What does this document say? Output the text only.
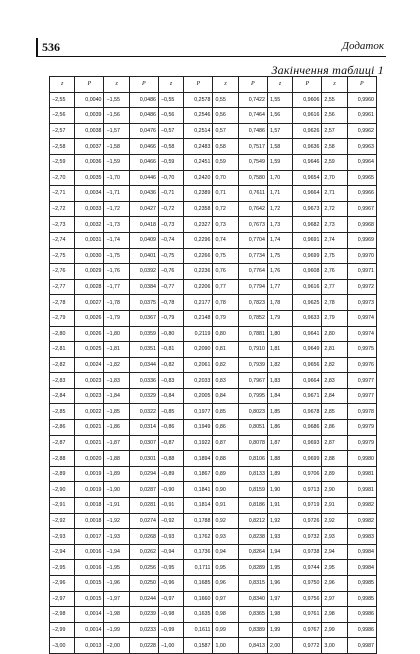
536	Додаток
Закінчення таблиці 1
z	P	z	P	z	P	z	P	z	P	z	P
−2,55	0,0040	−1,55	0,0486	−0,55	0,2578	0,55	0,7422	1,55	0,9606	2,55	0,9960
−2,56	0,0039	−1,56	0,0486	−0,56	0,2546	0,56	0,7464	1,56	0,9616	2,56	0,9961
−2,57	0,0038	−1,57	0,0476	−0,57	0,2514	0,57	0,7486	1,57	0,9626	2,57	0,9962
−2,58	0,0037	−1,58	0,0466	−0,58	0,2483	0,58	0,7517	1,58	0,9636	2,58	0,9963
−2,59	0,0036	−1,59	0,0466	−0,59	0,2451	0,59	0,7549	1,59	0,9646	2,59	0,9964
−2,70	0,0035	−1,70	0,0446	−0,70	0,2420	0,70	0,7580	1,70	0,9654	2,70	0,9965
−2,71	0,0034	−1,71	0,0436	−0,71	0,2389	0,71	0,7611	1,71	0,9664	2,71	0,9966
−2,72	0,0033	−1,72	0,0427	−0,72	0,2358	0,72	0,7642	1,72	0,9673	2,72	0,9967
−2,73	0,0032	−1,73	0,0418	−0,73	0,2327	0,73	0,7673	1,73	0,9682	2,73	0,9968
−2,74	0,0031	−1,74	0,0409	−0,74	0,2296	0,74	0,7704	1,74	0,9691	2,74	0,9969
−2,75	0,0030	−1,75	0,0401	−0,75	0,2266	0,75	0,7734	1,75	0,9699	2,75	0,9970
−2,76	0,0029	−1,76	0,0392	−0,76	0,2236	0,76	0,7764	1,76	0,9608	2,76	0,9971
−2,77	0,0028	−1,77	0,0384	−0,77	0,2206	0,77	0,7794	1,77	0,9616	2,77	0,9972
−2,78	0,0027	−1,78	0,0375	−0,78	0,2177	0,78	0,7823	1,78	0,9625	2,78	0,9973
−2,79	0,0026	−1,79	0,0367	−0,79	0,2148	0,79	0,7852	1,79	0,9633	2,79	0,9974
−2,80	0,0026	−1,80	0,0359	−0,80	0,2119	0,80	0,7881	1,80	0,9641	2,80	0,9974
−2,81	0,0025	−1,81	0,0351	−0,81	0,2090	0,81	0,7910	1,81	0,9649	2,81	0,9975
−2,82	0,0024	−1,82	0,0344	−0,82	0,2061	0,82	0,7939	1,82	0,9656	2,82	0,9976
−2,83	0,0023	−1,83	0,0336	−0,83	0,2033	0,83	0,7967	1,83	0,9664	2,83	0,9977
−2,84	0,0023	−1,84	0,0329	−0,84	0,2005	0,84	0,7995	1,84	0,9671	2,84	0,9977
−2,85	0,0022	−1,85	0,0322	−0,85	0,1977	0,85	0,8023	1,85	0,9678	2,85	0,9978
−2,86	0,0021	−1,86	0,0314	−0,86	0,1949	0,86	0,8051	1,86	0,9686	2,86	0,9979
−2,87	0,0021	−1,87	0,0307	−0,87	0,1922	0,87	0,8078	1,87	0,9693	2,87	0,9979
−2,88	0,0020	−1,88	0,0301	−0,88	0,1894	0,88	0,8106	1,88	0,9699	2,88	0,9980
−2,89	0,0019	−1,89	0,0294	−0,89	0,1867	0,89	0,8133	1,89	0,9706	2,89	0,9981
−2,90	0,0019	−1,90	0,0287	−0,90	0,1841	0,90	0,8159	1,90	0,9713	2,90	0,9981
−2,91	0,0018	−1,91	0,0281	−0,91	0,1814	0,91	0,8186	1,91	0,9719	2,91	0,9982
−2,92	0,0018	−1,92	0,0274	−0,92	0,1788	0,92	0,8212	1,92	0,9726	2,92	0,9982
−2,93	0,0017	−1,93	0,0268	−0,93	0,1762	0,93	0,8238	1,93	0,9732	2,93	0,9983
−2,94	0,0016	−1,94	0,0262	−0,94	0,1736	0,94	0,8264	1,94	0,9738	2,94	0,9984
−2,95	0,0016	−1,95	0,0256	−0,95	0,1711	0,95	0,8289	1,95	0,9744	2,95	0,9984
−2,96	0,0015	−1,96	0,0250	−0,96	0,1685	0,96	0,8315	1,96	0,9750	2,96	0,9985
−2,97	0,0015	−1,97	0,0244	−0,97	0,1660	0,97	0,8340	1,97	0,9756	2,97	0,9985
−2,98	0,0014	−1,98	0,0239	−0,98	0,1635	0,98	0,8365	1,98	0,9761	2,98	0,9986
−2,99	0,0014	−1,99	0,0233	−0,99	0,1611	0,99	0,8389	1,99	0,9767	2,99	0,9986
−3,00	0,0013	−2,00	0,0228	−1,00	0,1587	1,00	0,8413	2,00	0,9772	3,00	0,9987
